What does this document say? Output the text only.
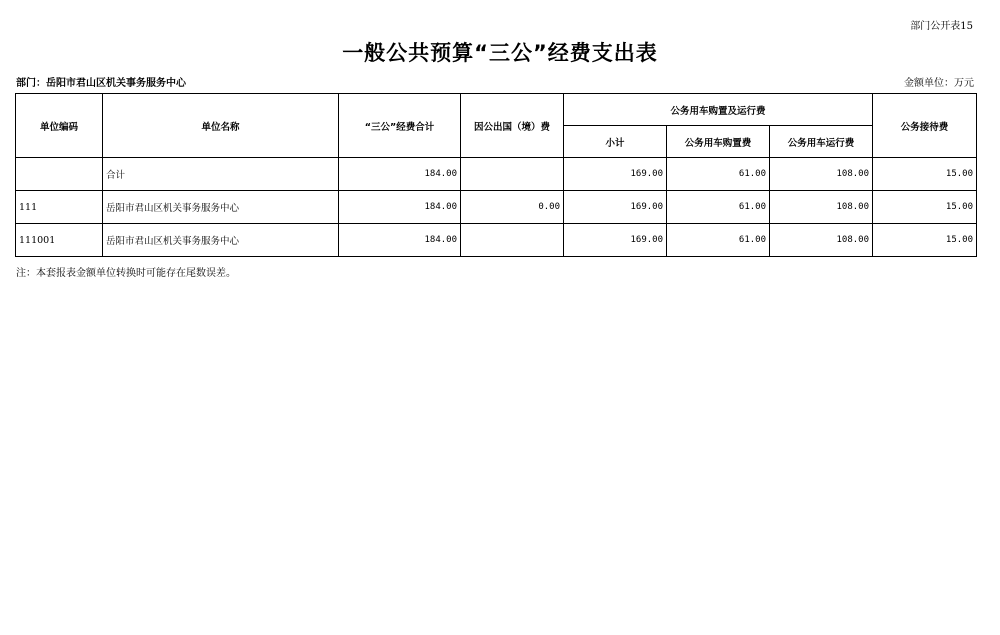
部门公开表15
一般公共预算“三公”经费支出表
部门：岳阳市君山区机关事务服务中心	金额单位：万元
单位编码	单位名称	“三公”经费合计	因公出国（境）费	公务用车购置及运行费			公务接待费
				小计	公务用车购置费	公务用车运行费	
	合计	184.00		169.00	61.00	108.00	15.00
111	岳阳市君山区机关事务服务中心	184.00	0.00	169.00	61.00	108.00	15.00
111001	岳阳市君山区机关事务服务中心	184.00		169.00	61.00	108.00	15.00
注：本套报表金额单位转换时可能存在尾数误差。
